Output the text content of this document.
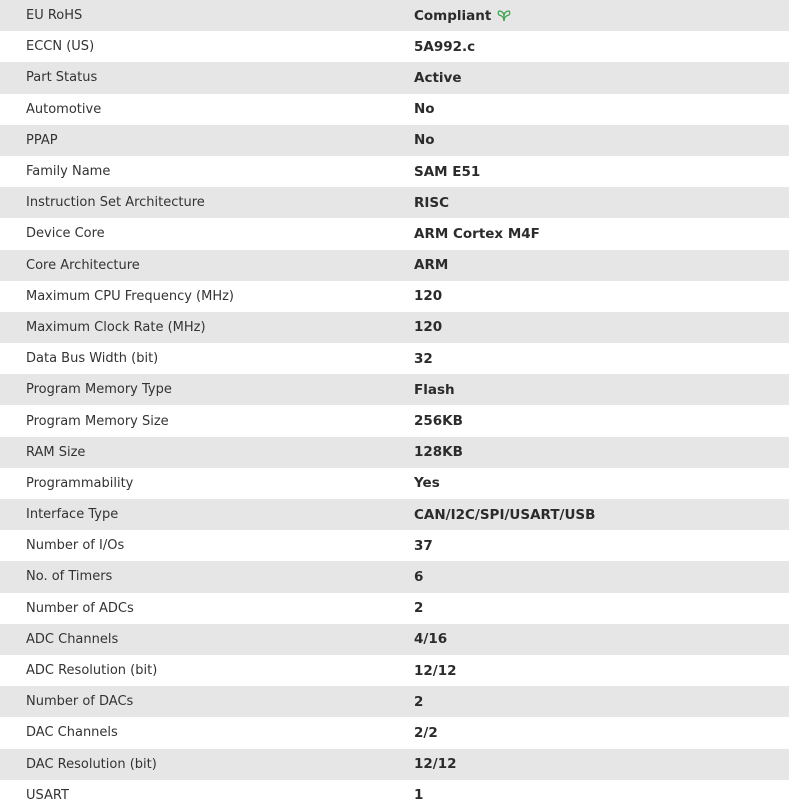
EU RoHS	Compliant
ECCN (US)	5A992.c
Part Status	Active
Automotive	No
PPAP	No
Family Name	SAM E51
Instruction Set Architecture	RISC
Device Core	ARM Cortex M4F
Core Architecture	ARM
Maximum CPU Frequency (MHz)	120
Maximum Clock Rate (MHz)	120
Data Bus Width (bit)	32
Program Memory Type	Flash
Program Memory Size	256KB
RAM Size	128KB
Programmability	Yes
Interface Type	CAN/I2C/SPI/USART/USB
Number of I/Os	37
No. of Timers	6
Number of ADCs	2
ADC Channels	4/16
ADC Resolution (bit)	12/12
Number of DACs	2
DAC Channels	2/2
DAC Resolution (bit)	12/12
USART	1
